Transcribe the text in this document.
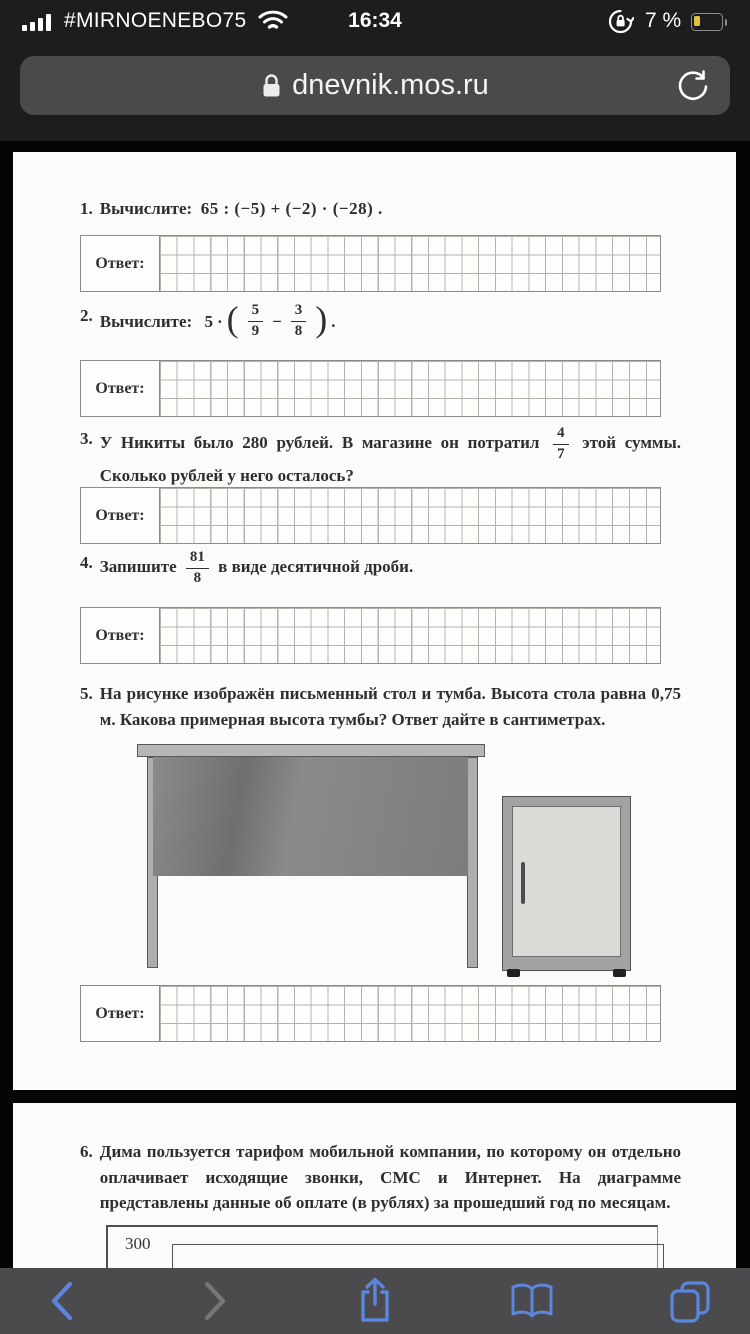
#MIRNOENEBO75	16:34	7 %
dnevnik.mos.ru
1. Вычислите: 65 : (−5) + (−2) · (−28) .
Ответ:
2. Вычислите:
5 · ( $\frac{5}{9} - \frac{3}{8}$ ) .
Ответ:
3. У Никиты было 280 рублей. В магазине он потратил $\frac{4}{7}$ этой суммы. Сколько рублей у него осталось?
Ответ:
4. Запишите $\frac{81}{8}$ в виде десятичной дроби.
Ответ:
5. На рисунке изображён письменный стол и тумба. Высота стола равна 0,75 м. Какова примерная высота тумбы? Ответ дайте в сантиметрах.
Ответ:
6. Дима пользуется тарифом мобильной компании, по которому он отдельно оплачивает исходящие звонки, СМС и Интернет. На диаграмме представлены данные об оплате (в рублях) за прошедший год по месяцам.
300
